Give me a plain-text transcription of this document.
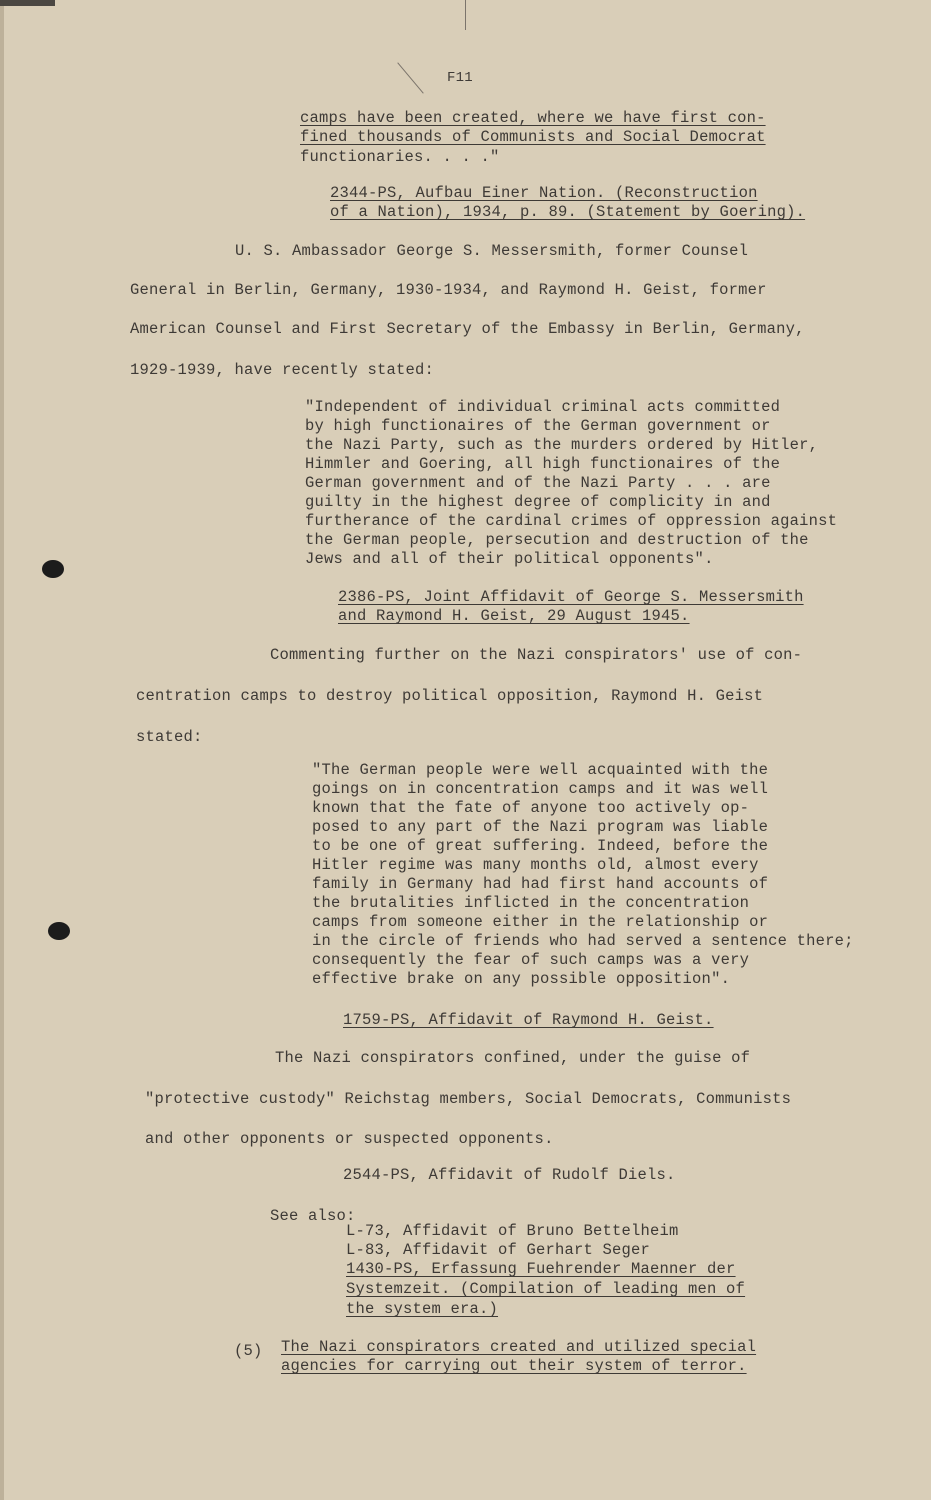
F11
camps have been created, where we have first con-
fined thousands of Communists and Social Democrat
functionaries. . . ."
2344-PS, Aufbau Einer Nation. (Reconstruction
of a Nation), 1934, p. 89. (Statement by Goering).
U. S. Ambassador George S. Messersmith, former Counsel
General in Berlin, Germany, 1930-1934, and Raymond H. Geist, former
American Counsel and First Secretary of the Embassy in Berlin, Germany,
1929-1939, have recently stated:
"Independent of individual criminal acts committed
by high functionaires of the German government or
the Nazi Party, such as the murders ordered by Hitler,
Himmler and Goering, all high functionaires of the
German government and of the Nazi Party . . . are
guilty in the highest degree of complicity in and
furtherance of the cardinal crimes of oppression against
the German people, persecution and destruction of the
Jews and all of their political opponents".
2386-PS, Joint Affidavit of George S. Messersmith
and Raymond H. Geist, 29 August 1945.
Commenting further on the Nazi conspirators' use of con-
centration camps to destroy political opposition, Raymond H. Geist
stated:
"The German people were well acquainted with the
goings on in concentration camps and it was well
known that the fate of anyone too actively op-
posed to any part of the Nazi program was liable
to be one of great suffering. Indeed, before the
Hitler regime was many months old, almost every
family in Germany had had first hand accounts of
the brutalities inflicted in the concentration
camps from someone either in the relationship or
in the circle of friends who had served a sentence there;
consequently the fear of such camps was a very
effective brake on any possible opposition".
1759-PS, Affidavit of Raymond H. Geist.
The Nazi conspirators confined, under the guise of
"protective custody" Reichstag members, Social Democrats, Communists
and other opponents or suspected opponents.
2544-PS, Affidavit of Rudolf Diels.
See also:
L-73, Affidavit of Bruno Bettelheim
L-83, Affidavit of Gerhart Seger
1430-PS, Erfassung Fuehrender Maenner der
Systemzeit. (Compilation of leading men of
the system era.)
(5) The Nazi conspirators created and utilized special
agencies for carrying out their system of terror.
